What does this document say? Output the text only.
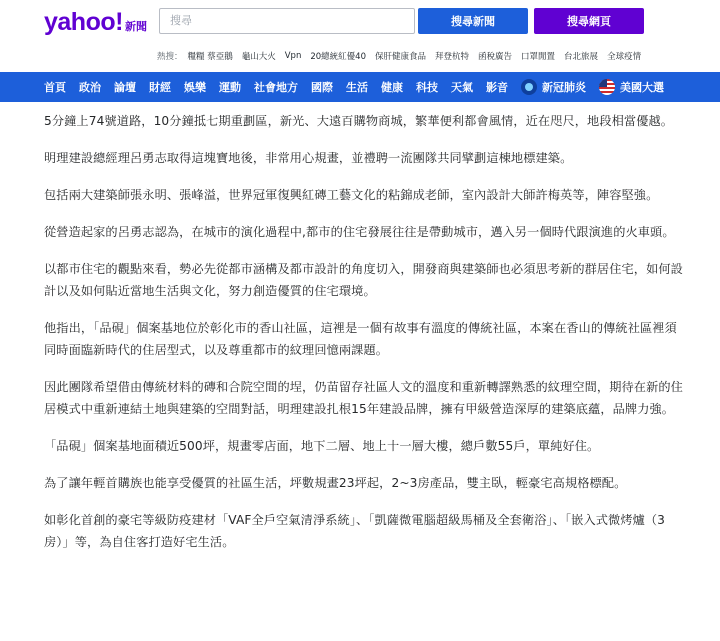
yahoo! 新聞
搜尋	搜尋新聞	搜尋網頁
熱搜： 糧糧 蔡亞鵝 龜山大火 Vpn 20總統紅優40 保肝健康食品 拜登杭特 函稅廣告 口罩閒置 台北旅展 全球疫情
首頁 政治 論壇 財經 娛樂 運動 社會地方 國際 生活 健康 科技 天氣 影音	新冠肺炎	美國大選

5分鐘上74號道路，10分鐘抵七期重劃區，新光、大遠百購物商城，繁華便利都會風情，近在咫尺，地段相當優越。

明理建設總經理呂勇志取得這塊寶地後，非常用心規畫，並禮聘一流團隊共同擘劃這棟地標建築。

包括兩大建築師張永明、張峰溢，世界冠軍復興紅磚工藝文化的粘錦成老師，室內設計大師許梅英等，陣容堅強。

從營造起家的呂勇志認為，在城市的演化過程中,都市的住宅發展往往是帶動城市，邁入另一個時代跟演進的火車頭。

以都市住宅的觀點來看，勢必先從都市涵構及都市設計的角度切入，開發商與建築師也必須思考新的群居住宅，如何設計以及如何貼近當地生活與文化，努力創造優質的住宅環境。

他指出，「品硯」個案基地位於彰化市的香山社區，這裡是一個有故事有溫度的傳統社區，本案在香山的傳統社區裡須同時面臨新時代的住居型式，以及尊重都市的紋理回憶兩課題。

因此團隊希望借由傳統材料的磚和合院空間的埕，仍苗留存社區人文的溫度和重新轉譯熟悉的紋理空間，期待在新的住居模式中重新連結土地與建築的空間對話，明理建設扎根15年建設品牌，擁有甲級營造深厚的建築底蘊，品牌力強。

「品硯」個案基地面積近500坪，規畫零店面，地下二層、地上十一層大樓，總戶數55戶，單純好住。

為了讓年輕首購族也能享受優質的社區生活，坪數規畫23坪起，2~3房產品，雙主臥，輕豪宅高規格標配。

如彰化首創的豪宅等級防疫建材「VAF全戶空氣清淨系統」、「凱薩微電腦超級馬桶及全套衛浴」、「嵌入式微烤爐（3房）」等，為自住客打造好宅生活。
